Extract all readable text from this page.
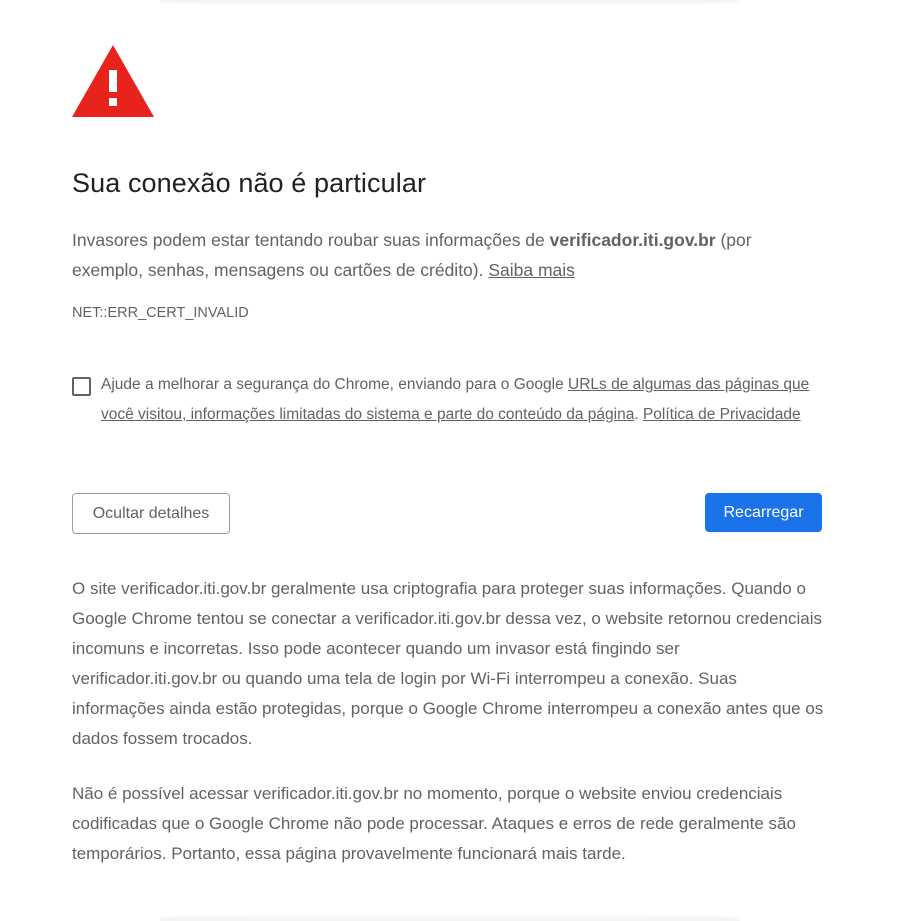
Sua conexão não é particular

Invasores podem estar tentando roubar suas informações de verificador.iti.gov.br (por exemplo, senhas, mensagens ou cartões de crédito). Saiba mais

NET::ERR_CERT_INVALID

Ajude a melhorar a segurança do Chrome, enviando para o Google URLs de algumas das páginas que você visitou, informações limitadas do sistema e parte do conteúdo da página. Política de Privacidade

Ocultar detalhes	Recarregar

O site verificador.iti.gov.br geralmente usa criptografia para proteger suas informações. Quando o Google Chrome tentou se conectar a verificador.iti.gov.br dessa vez, o website retornou credenciais incomuns e incorretas. Isso pode acontecer quando um invasor está fingindo ser verificador.iti.gov.br ou quando uma tela de login por Wi-Fi interrompeu a conexão. Suas informações ainda estão protegidas, porque o Google Chrome interrompeu a conexão antes que os dados fossem trocados.

Não é possível acessar verificador.iti.gov.br no momento, porque o website enviou credenciais codificadas que o Google Chrome não pode processar. Ataques e erros de rede geralmente são temporários. Portanto, essa página provavelmente funcionará mais tarde.
